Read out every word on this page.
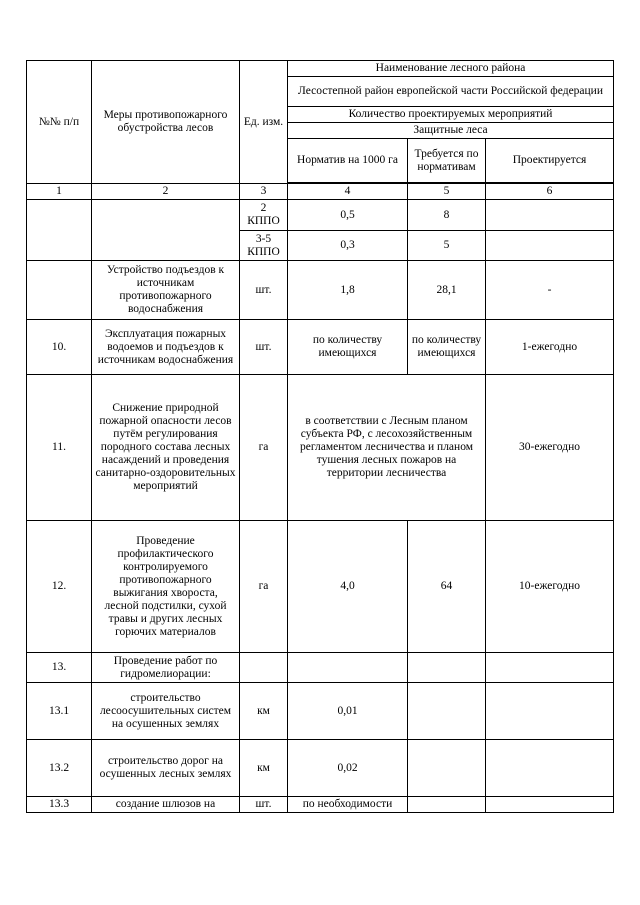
№№ п/п	Меры противопожарного обустройства лесов	Ед. изм.	Наименование лесного района		
			Лесостепной район европейской части Российской федерации		
			Количество проектируемых мероприятий		
			Защитные леса		
			Норматив на 1000 га	Требуется по нормативам	Проектируется

1	2	3	4	5	6
		2 КППО	0,5	8	
		3-5 КППО	0,3	5	
	Устройство подъездов к источникам противопожарного водоснабжения	шт.	1,8	28,1	-
10.	Эксплуатация пожарных водоемов и подъездов к источникам водоснабжения	шт.	по количеству имеющихся	по количеству имеющихся	1-ежегодно
11.	Снижение природной пожарной опасности лесов путём регулирования породного состава лесных насаждений и проведения санитарно-оздоровительных мероприятий	га	в соответствии с Лесным планом субъекта РФ, с лесохозяйственным регламентом лесничества и планом тушения лесных пожаров на территории лесничества		30-ежегодно
12.	Проведение профилактического контролируемого противопожарного выжигания хвороста, лесной подстилки, сухой травы и других лесных горючих материалов	га	4,0	64	10-ежегодно
13.	Проведение работ по гидромелиорации:				
13.1	строительство лесоосушительных систем на осушенных землях	км	0,01		
13.2	строительство дорог на осушенных лесных землях	км	0,02		
13.3	создание шлюзов на	шт.	по необходимости		
